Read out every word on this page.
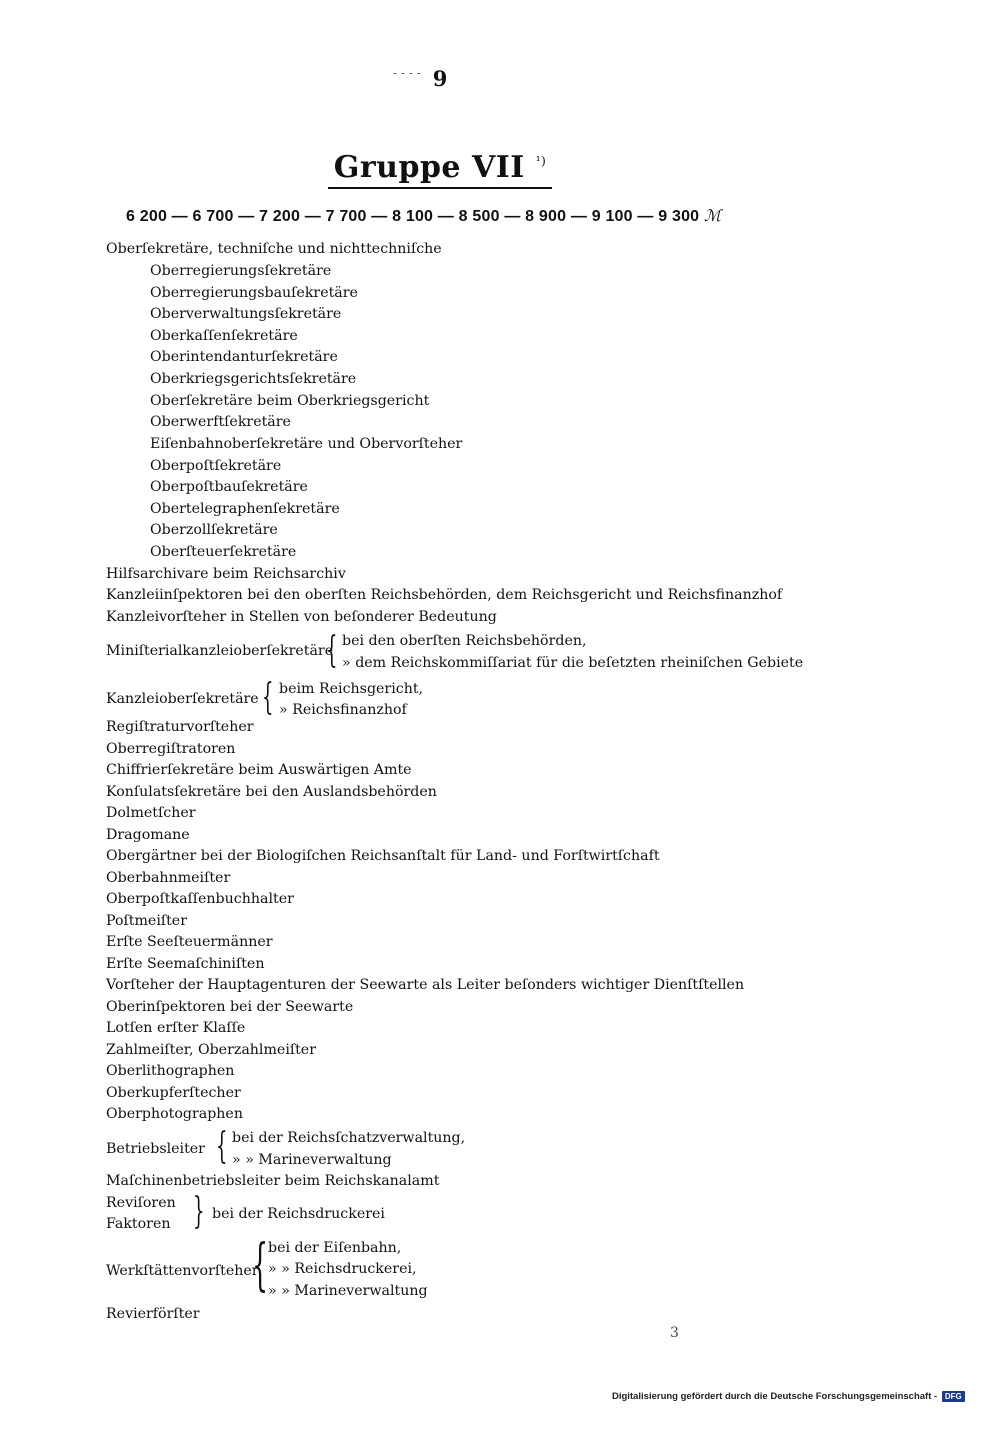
- - - - 9
Gruppe VII $^{^1)}$
6 200 — 6 700 — 7 200 — 7 700 — 8 100 — 8 500 — 8 900 — 9 100 — 9 300 ℳ
Oberſekretäre, techniſche und nichttechniſche
Oberregierungsſekretäre
Oberregierungsbauſekretäre
Oberverwaltungsſekretäre
Oberkaſſenſekretäre
Oberintendanturſekretäre
Oberkriegsgerichtsſekretäre
Oberſekretäre beim Oberkriegsgericht
Oberwerftſekretäre
Eiſenbahnoberſekretäre und Obervorſteher
Oberpoſtſekretäre
Oberpoſtbauſekretäre
Obertelegraphenſekretäre
Oberzollſekretäre
Oberſteuerſekretäre
Hilfsarchivare beim Reichsarchiv
Kanzleiinſpektoren bei den oberſten Reichsbehörden, dem Reichsgericht und Reichsfinanzhof
Kanzleivorſteher in Stellen von beſonderer Bedeutung
Miniſterialkanzleioberſekretäre
{ bei den oberſten Reichsbehörden,
» dem Reichskommiſſariat für die beſetzten rheiniſchen Gebiete
Kanzleioberſekretäre { beim Reichsgericht,
» Reichsfinanzhof
Regiſtraturvorſteher
Oberregiſtratoren
Chiffrierſekretäre beim Auswärtigen Amte
Konſulatsſekretäre bei den Auslandsbehörden
Dolmetſcher
Dragomane
Obergärtner bei der Biologiſchen Reichsanſtalt für Land- und Forſtwirtſchaft
Oberbahnmeiſter
Oberpoſtkaſſenbuchhalter
Poſtmeiſter
Erſte Seeſteuermänner
Erſte Seemaſchiniſten
Vorſteher der Hauptagenturen der Seewarte als Leiter beſonders wichtiger Dienſtſtellen
Oberinſpektoren bei der Seewarte
Lotſen erſter Klaſſe
Zahlmeiſter, Oberzahlmeiſter
Oberlithographen
Oberkupferſtecher
Oberphotographen
Betriebsleiter { bei der Reichsſchatzverwaltung,
» » Marineverwaltung
Maſchinenbetriebsleiter beim Reichskanalamt
Reviſoren
Faktoren } bei der Reichsdruckerei
Werkſtättenvorſteher
{ bei der Eiſenbahn,
» » Reichsdruckerei,
» » Marineverwaltung
Revierförſter
3
Digitalisierung gefördert durch die Deutsche Forschungsgemeinschaft - DFG
